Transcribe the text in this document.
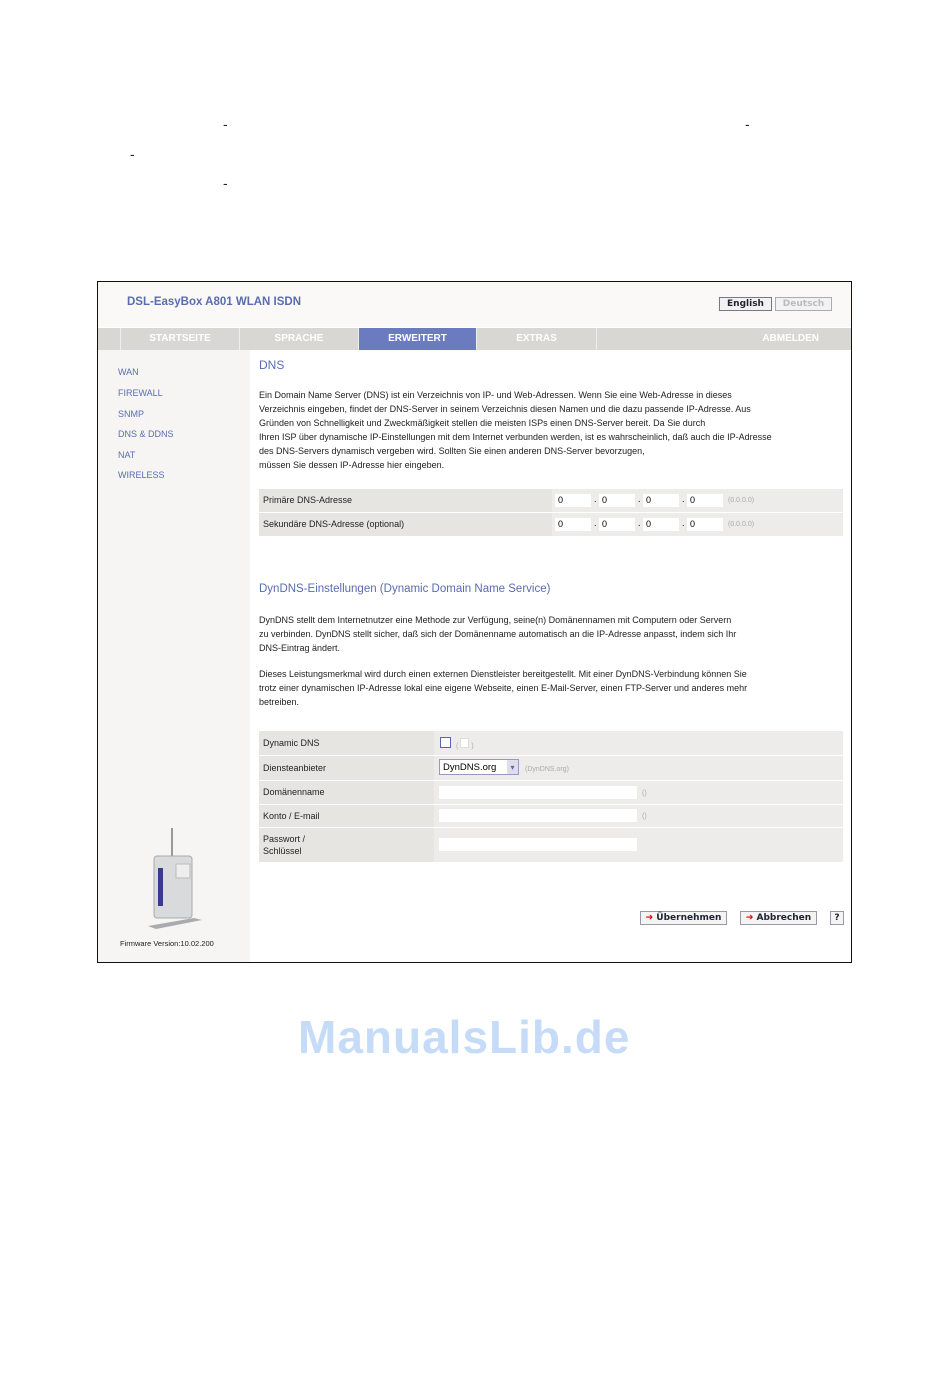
-	-
-
-
DSL-EasyBox A801 WLAN ISDN	English	Deutsch
STARTSEITE	SPRACHE	ERWEITERT	EXTRAS	ABMELDEN
WAN
FIREWALL
SNMP
DNS & DDNS
NAT
WIRELESS
Firmware Version:10.02.200
DNS
Ein Domain Name Server (DNS) ist ein Verzeichnis von IP- und Web-Adressen. Wenn Sie eine Web-Adresse in dieses
Verzeichnis eingeben, findet der DNS-Server in seinem Verzeichnis diesen Namen und die dazu passende IP-Adresse. Aus
Gründen von Schnelligkeit und Zweckmäßigkeit stellen die meisten ISPs einen DNS-Server bereit. Da Sie durch
Ihren ISP über dynamische IP-Einstellungen mit dem Internet verbunden werden, ist es wahrscheinlich, daß auch die IP-Adresse
des DNS-Servers dynamisch vergeben wird. Sollten Sie einen anderen DNS-Server bevorzugen,
müssen Sie dessen IP-Adresse hier eingeben.
Primäre DNS-Adresse	0	. 0	. 0	. 0	(0.0.0.0)
Sekundäre DNS-Adresse (optional)	0	. 0	. 0	. 0	(0.0.0.0)
DynDNS-Einstellungen (Dynamic Domain Name Service)
DynDNS stellt dem Internetnutzer eine Methode zur Verfügung, seine(n) Domänennamen mit Computern oder Servern
zu verbinden. DynDNS stellt sicher, daß sich der Domänenname automatisch an die IP-Adresse anpasst, indem sich Ihr
DNS-Eintrag ändert.
Dieses Leistungsmerkmal wird durch einen externen Dienstleister bereitgestellt. Mit einer DynDNS-Verbindung können Sie
trotz einer dynamischen IP-Adresse lokal eine eigene Webseite, einen E-Mail-Server, einen FTP-Server und anderes mehr
betreiben.
Dynamic DNS	(  )
Diensteanbieter	DynDNS.org	▾	(DynDNS.org)
Domänenname	()
Konto / E-mail	()
Passwort /
Schlüssel
➔ Übernehmen	➔ Abbrechen	?
ManualsLib.de
